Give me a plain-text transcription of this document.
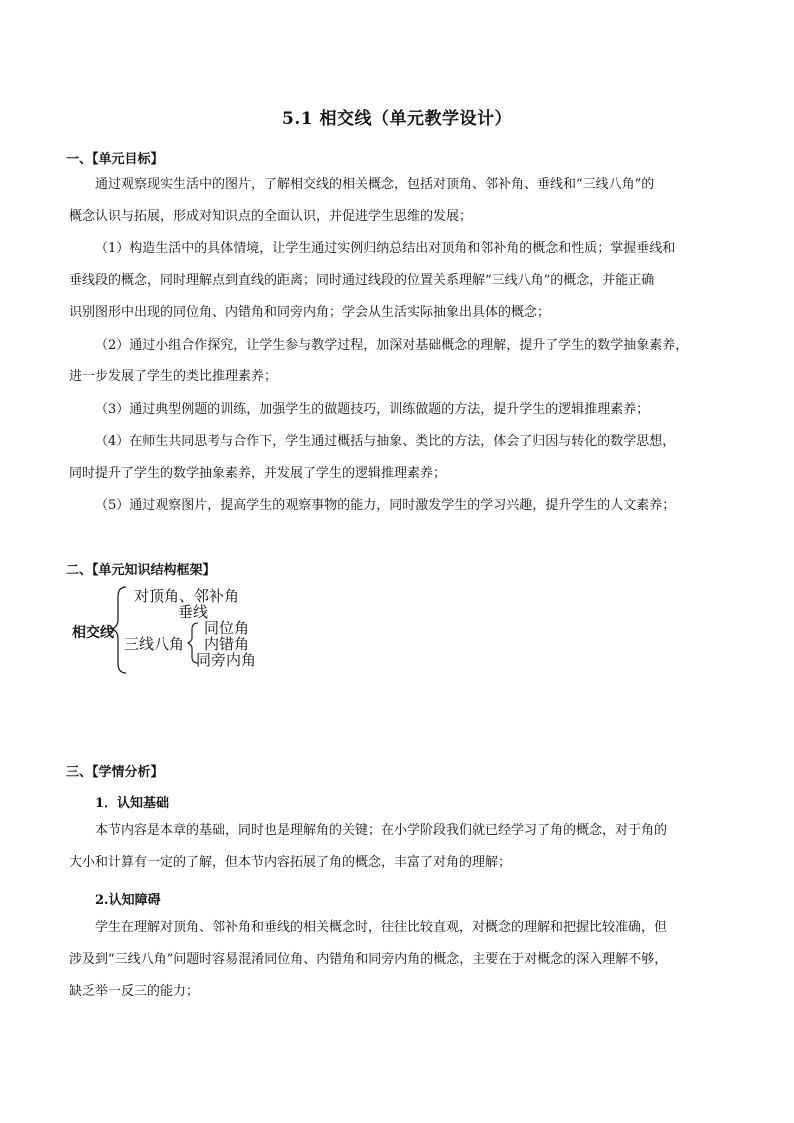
5.1 相交线（单元教学设计）
一、【单元目标】
通过观察现实生活中的图片，了解相交线的相关概念，包括对顶角、邻补角、垂线和“三线八角”的
概念认识与拓展，形成对知识点的全面认识，并促进学生思维的发展；
（1）构造生活中的具体情境，让学生通过实例归纳总结出对顶角和邻补角的概念和性质；掌握垂线和
垂线段的概念，同时理解点到直线的距离；同时通过线段的位置关系理解“三线八角”的概念，并能正确
识别图形中出现的同位角、内错角和同旁内角；学会从生活实际抽象出具体的概念；
（2）通过小组合作探究，让学生参与教学过程，加深对基础概念的理解，提升了学生的数学抽象素养，
进一步发展了学生的类比推理素养；
（3）通过典型例题的训练，加强学生的做题技巧，训练做题的方法，提升学生的逻辑推理素养；
（4）在师生共同思考与合作下，学生通过概括与抽象、类比的方法，体会了归因与转化的数学思想，
同时提升了学生的数学抽象素养，并发展了学生的逻辑推理素养；
（5）通过观察图片，提高学生的观察事物的能力，同时激发学生的学习兴趣，提升学生的人文素养；
二、【单元知识结构框架】
相交线
对顶角、邻补角
垂线
三线八角
同位角
内错角
同旁内角
三、【学情分析】
1．认知基础
本节内容是本章的基础，同时也是理解角的关键；在小学阶段我们就已经学习了角的概念，对于角的
大小和计算有一定的了解，但本节内容拓展了角的概念，丰富了对角的理解；
2.认知障碍
学生在理解对顶角、邻补角和垂线的相关概念时，往往比较直观，对概念的理解和把握比较准确，但
涉及到“三线八角”问题时容易混淆同位角、内错角和同旁内角的概念，主要在于对概念的深入理解不够，
缺乏举一反三的能力；
